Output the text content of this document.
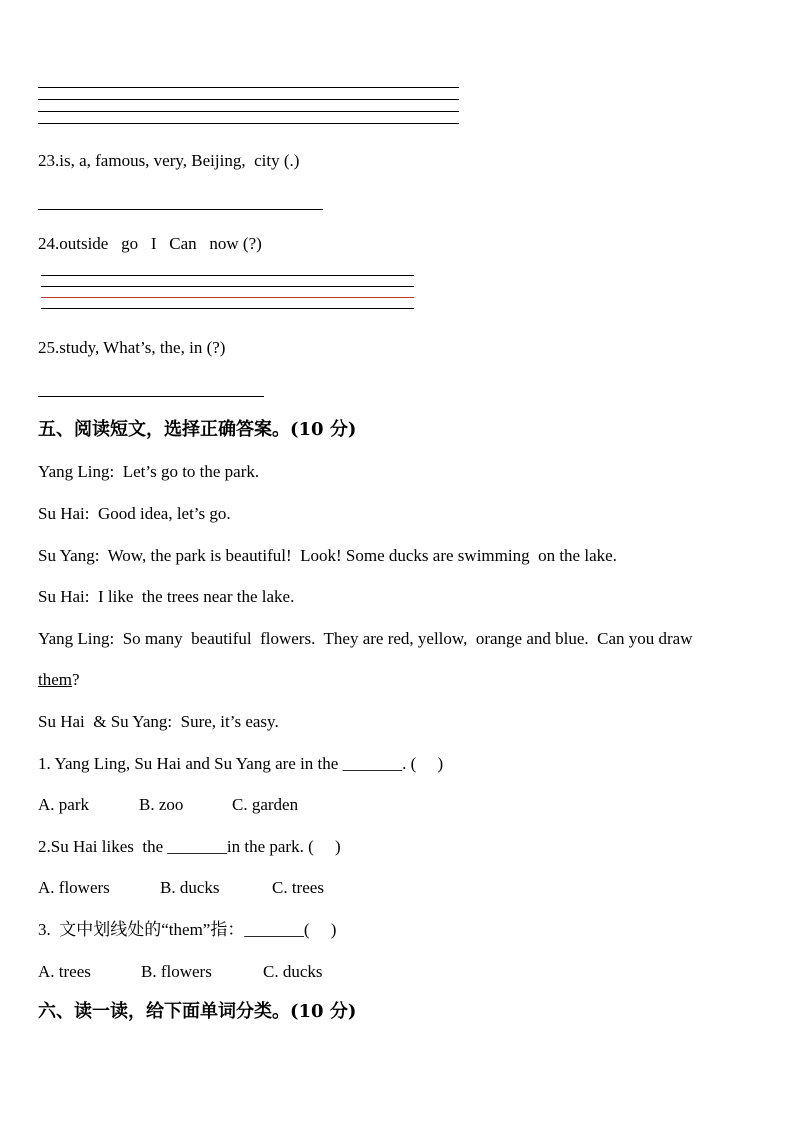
23.is, a, famous, very, Beijing,  city (.)
24.outside   go   I   Can   now (?)
25.study, What’s, the, in (?)
五、阅读短文，选择正确答案。(10 分)
Yang Ling:  Let’s go to the park.
Su Hai:  Good idea, let’s go.
Su Yang:  Wow, the park is beautiful!  Look! Some ducks are swimming  on the lake.
Su Hai:  I like  the trees near the lake.
Yang Ling:  So many  beautiful  flowers.  They are red, yellow,  orange and blue.  Can you draw
them?
Su Hai  & Su Yang:  Sure, it’s easy.
1. Yang Ling, Su Hai and Su Yang are in the _______. (     )
A. park	B. zoo	C. garden
2.Su Hai likes  the _______in the park. (     )
A. flowers	B. ducks	C. trees
3.  文中划线处的“them”指：_______(     )
A. trees	B. flowers	C. ducks
六、读一读，给下面单词分类。(10 分)
